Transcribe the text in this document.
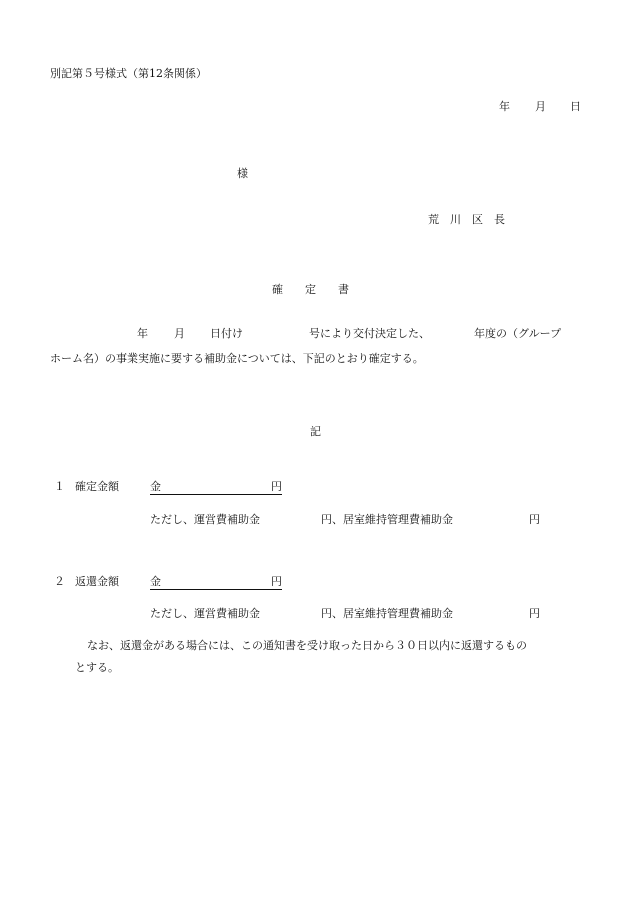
別記第５号様式（第12条関係）
年 月 日
様
荒　川　区　長
確　　定　　書
年 月 日付け	号により交付決定した、	年度の（グループ
ホーム名）の事業実施に要する補助金については、下記のとおり確定する。
記
１ 確定金額	金	円
ただし、運営費補助金	円、居室維持管理費補助金	円
２ 返還金額	金	円
ただし、運営費補助金	円、居室維持管理費補助金	円
なお、返還金がある場合には、この通知書を受け取った日から３０日以内に返還するもの
とする。
